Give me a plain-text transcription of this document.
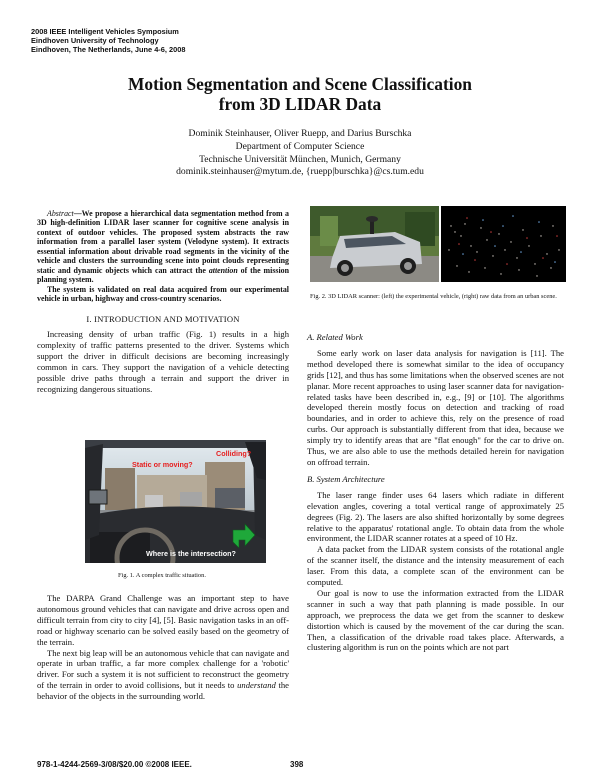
2008 IEEE Intelligent Vehicles Symposium
Eindhoven University of Technology
Eindhoven, The Netherlands, June 4-6, 2008
Motion Segmentation and Scene Classification
from 3D LIDAR Data
Dominik Steinhauser, Oliver Ruepp, and Darius Burschka
Department of Computer Science
Technische Universität München, Munich, Germany
dominik.steinhauser@mytum.de, {ruepp|burschka}@cs.tum.edu

Abstract—We propose a hierarchical data segmentation method from a 3D high-definition LIDAR laser scanner for cognitive scene analysis in context of outdoor vehicles. The proposed system abstracts the raw information from a parallel laser system (Velodyne system). It extracts essential information about drivable road segments in the vicinity of the vehicle and clusters the surrounding scene into point clouds representing static and dynamic objects which can attract the attention of the mission planning system.

The system is validated on real data acquired from our experimental vehicle in urban, highway and cross-country scenarios.

I. INTRODUCTION AND MOTIVATION

Increasing density of urban traffic (Fig. 1) results in a high complexity of traffic patterns presented to the driver. Systems which support the driver in difficult decisions are becoming increasingly common in cars. They support the navigation of a vehicle detecting possible drive paths through a terrain and support the driver in recognizing dangerous situations.

Static or moving?
Colliding?
Where is the intersection?
Fig. 1. A complex traffic situation.

The DARPA Grand Challenge was an important step to have autonomous ground vehicles that can navigate and drive across open and difficult terrain from city to city [4], [5]. Basic navigation tasks in an off-road or highway scenario can be solved easily based on the geometry of the terrain.

The next big leap will be an autonomous vehicle that can navigate and operate in urban traffic, a far more complex challenge for a 'robotic' driver. For such a system it is not sufficient to reconstruct the geometry of the terrain in order to avoid collisions, but it needs to understand the behavior of the objects in the surrounding world.

Fig. 2. 3D LIDAR scanner: (left) the experimental vehicle, (right) raw data from an urban scene.
A. Related Work

Some early work on laser data analysis for navigation is [11]. The method developed there is somewhat similar to the idea of occupancy grids [12], and thus has some limitations when the observed scenes are not planar. More recent approaches to using laser scanner data for navigation-related tasks have been described in, e.g., [9] or [10]. The algorithms developed therein mostly focus on detection and tracking of road boundaries, and in order to achieve this, rely on the presence of road curbs. Our approach is substantially different from that idea, because we simply try to identify areas that are "flat enough" for the car to drive on. Thus, we are also able to use the methods detailed herein for navigation on offroad terrain.

B. System Architecture

The laser range finder uses 64 lasers which radiate in different elevation angles, covering a total vertical range of approximately 25 degrees (Fig. 2). The lasers are also shifted horizontally by some degrees relative to the apparatus' rotational angle. To obtain data from the whole environment, the LIDAR scanner rotates at a speed of 10 Hz.

A data packet from the LIDAR system consists of the rotational angle of the scanner itself, the distance and the intensity measurement of each laser. From this data, a complete scan of the environment can be computed.

Our goal is now to use the information extracted from the LIDAR scanner in such a way that path planning is made possible. In our approach, we preprocess the data we get from the scanner to deskew distortion which is caused by the movement of the car during the scan. Then, a classification of the drivable road takes place. Afterwards, a clustering algorithm is run on the points which are not part

978-1-4244-2569-3/08/$20.00 ©2008 IEEE.	398
